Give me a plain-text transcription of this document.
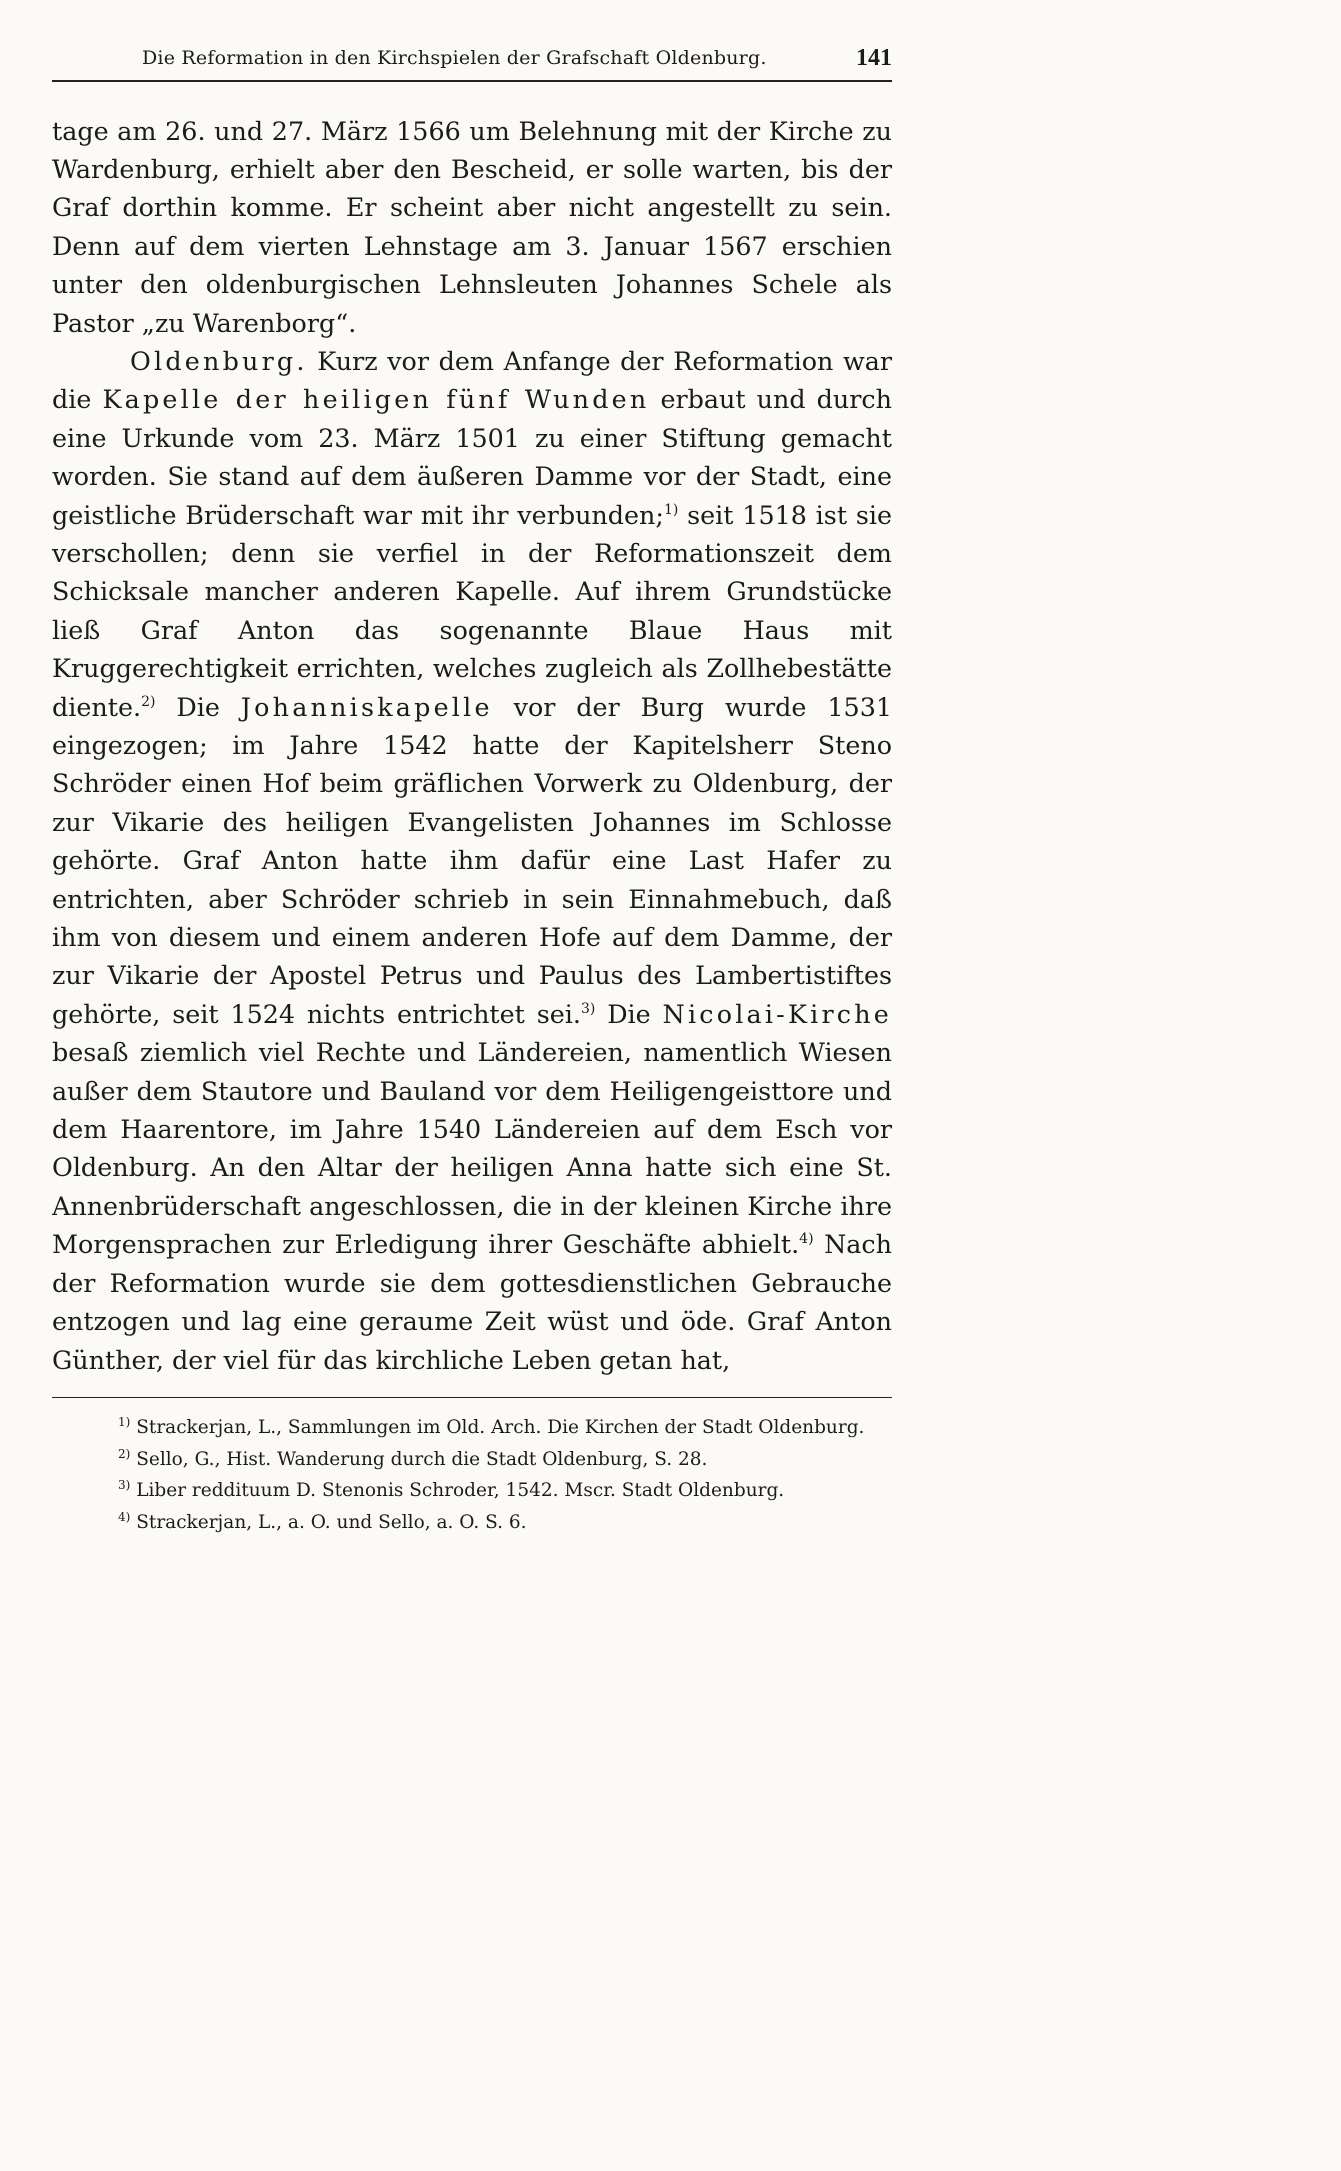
Die Reformation in den Kirchspielen der Grafschaft Oldenburg.	141

tage am 26. und 27. März 1566 um Belehnung mit der Kirche zu Wardenburg, erhielt aber den Bescheid, er solle warten, bis der Graf dorthin komme. Er scheint aber nicht angestellt zu sein. Denn auf dem vierten Lehnstage am 3. Januar 1567 erschien unter den oldenburgischen Lehnsleuten Johannes Schele als Pastor „zu Warenborg“.

Oldenburg. Kurz vor dem Anfange der Reformation war die Kapelle der heiligen fünf Wunden erbaut und durch eine Urkunde vom 23. März 1501 zu einer Stiftung gemacht worden. Sie stand auf dem äußeren Damme vor der Stadt, eine geistliche Brüderschaft war mit ihr verbunden;$^{1)}$ seit 1518 ist sie verschollen; denn sie verfiel in der Reformationszeit dem Schicksale mancher anderen Kapelle. Auf ihrem Grundstücke ließ Graf Anton das sogenannte Blaue Haus mit Kruggerechtigkeit errichten, welches zugleich als Zollhebestätte diente.$^{2)}$ Die Johanniskapelle vor der Burg wurde 1531 eingezogen; im Jahre 1542 hatte der Kapitelsherr Steno Schröder einen Hof beim gräflichen Vorwerk zu Oldenburg, der zur Vikarie des heiligen Evangelisten Johannes im Schlosse gehörte. Graf Anton hatte ihm dafür eine Last Hafer zu entrichten, aber Schröder schrieb in sein Einnahmebuch, daß ihm von diesem und einem anderen Hofe auf dem Damme, der zur Vikarie der Apostel Petrus und Paulus des Lambertistiftes gehörte, seit 1524 nichts entrichtet sei.$^{3)}$ Die Nicolai-Kirche besaß ziemlich viel Rechte und Ländereien, namentlich Wiesen außer dem Stautore und Bauland vor dem Heiligengeisttore und dem Haarentore, im Jahre 1540 Ländereien auf dem Esch vor Oldenburg. An den Altar der heiligen Anna hatte sich eine St. Annenbrüderschaft angeschlossen, die in der kleinen Kirche ihre Morgensprachen zur Erledigung ihrer Geschäfte abhielt.$^{4)}$ Nach der Reformation wurde sie dem gottesdienstlichen Gebrauche entzogen und lag eine geraume Zeit wüst und öde. Graf Anton Günther, der viel für das kirchliche Leben getan hat,

$^{1)}$ Strackerjan, L., Sammlungen im Old. Arch. Die Kirchen der Stadt Oldenburg.

$^{2)}$ Sello, G., Hist. Wanderung durch die Stadt Oldenburg, S. 28.

$^{3)}$ Liber reddituum D. Stenonis Schroder, 1542. Mscr. Stadt Oldenburg.

$^{4)}$ Strackerjan, L., a. O. und Sello, a. O. S. 6.
